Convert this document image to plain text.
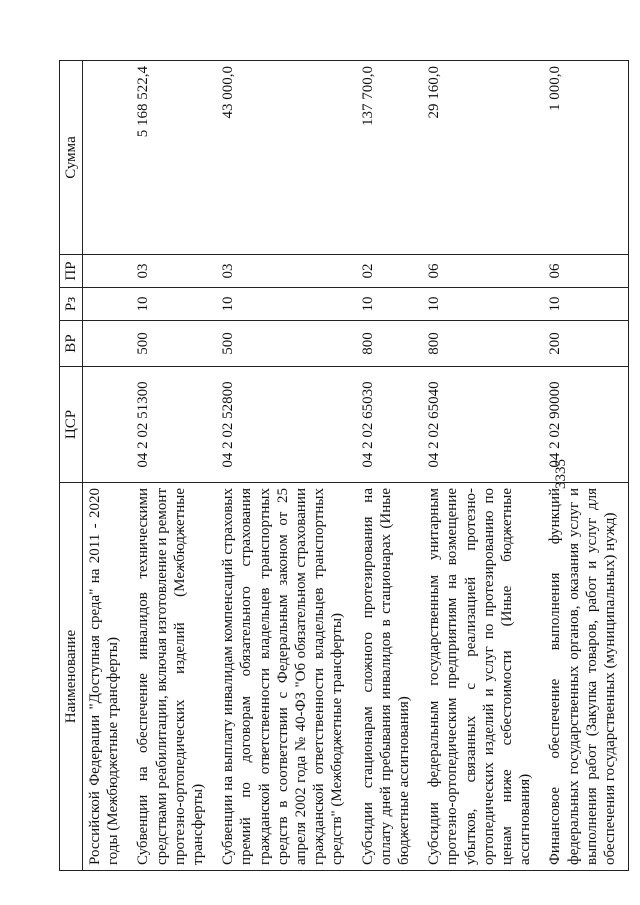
3335
Наименование	ЦСР	ВР	Рз	ПР	Сумма
Российской Федерации "Доступная среда" на 2011 - 2020 годы (Межбюджетные трансферты)					
Субвенции на обеспечение инвалидов техническими средствами реабилитации, включая изготовление и ремонт протезно-ортопедических изделий (Межбюджетные трансферты)	04 2 02 51300	500	10	03	5 168 522,4
Субвенции на выплату инвалидам компенсаций страховых премий по договорам обязательного страхования гражданской ответственности владельцев транспортных средств в соответствии с Федеральным законом от 25 апреля 2002 года № 40-ФЗ "Об обязательном страховании гражданской ответственности владельцев транспортных средств" (Межбюджетные трансферты)	04 2 02 52800	500	10	03	43 000,0
Субсидии стационарам сложного протезирования на оплату дней пребывания инвалидов в стационарах (Иные бюджетные ассигнования)	04 2 02 65030	800	10	02	137 700,0
Субсидии федеральным государственным унитарным протезно-ортопедическим предприятиям на возмещение убытков, связанных с реализацией протезно-ортопедических изделий и услуг по протезированию по ценам ниже себестоимости (Иные бюджетные ассигнования)	04 2 02 65040	800	10	06	29 160,0
Финансовое обеспечение выполнения функций федеральных государственных органов, оказания услуг и выполнения работ (Закупка товаров, работ и услуг для обеспечения государственных (муниципальных) нужд)	04 2 02 90000	200	10	06	1 000,0
